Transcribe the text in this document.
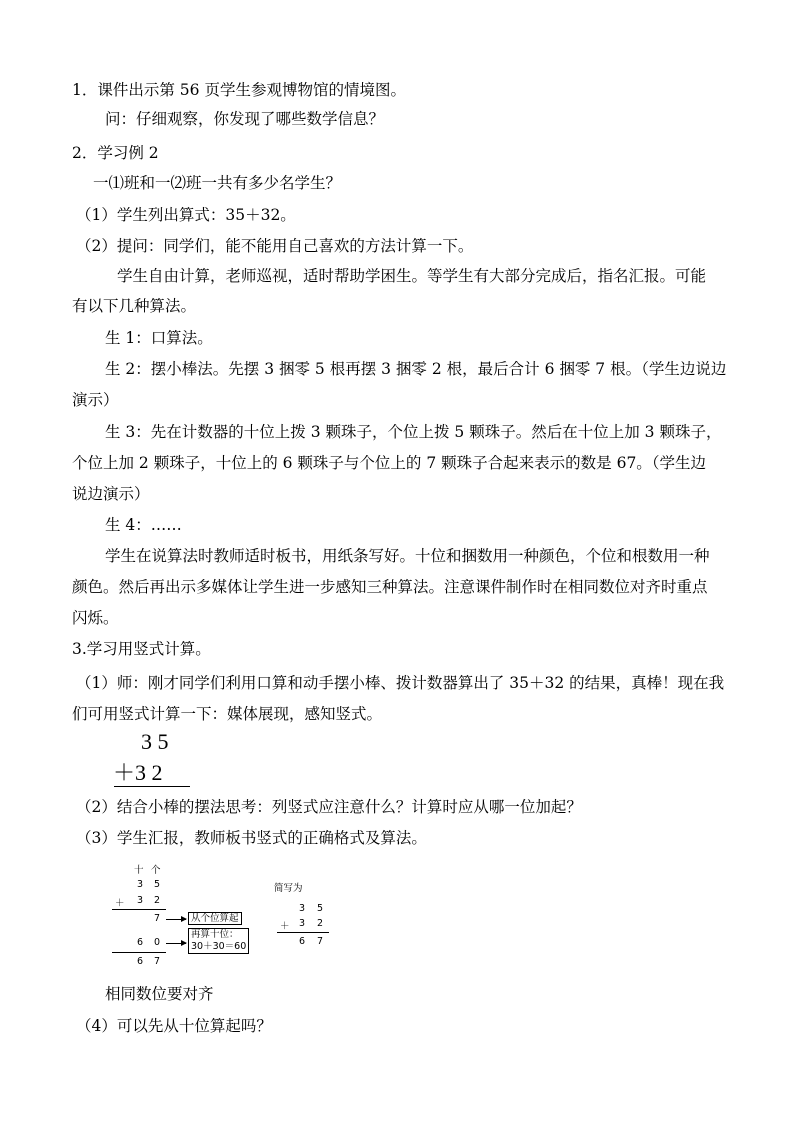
1．课件出示第 56 页学生参观博物馆的情境图。
问：仔细观察，你发现了哪些数学信息？
2．学习例 2
一⑴班和一⑵班一共有多少名学生？
（1）学生列出算式：35＋32。
（2）提问：同学们，能不能用自己喜欢的方法计算一下。
学生自由计算，老师巡视，适时帮助学困生。等学生有大部分完成后，指名汇报。可能
有以下几种算法。
生 1：口算法。
生 2：摆小棒法。先摆 3 捆零 5 根再摆 3 捆零 2 根，最后合计 6 捆零 7 根。（学生边说边
演示）
生 3：先在计数器的十位上拨 3 颗珠子，个位上拨 5 颗珠子。然后在十位上加 3 颗珠子，
个位上加 2 颗珠子，十位上的 6 颗珠子与个位上的 7 颗珠子合起来表示的数是 67。（学生边
说边演示）
生 4：……
学生在说算法时教师适时板书，用纸条写好。十位和捆数用一种颜色，个位和根数用一种
颜色。然后再出示多媒体让学生进一步感知三种算法。注意课件制作时在相同数位对齐时重点
闪烁。
3.学习用竖式计算。
（1）师：刚才同学们利用口算和动手摆小棒、拨计数器算出了 35＋32 的结果，真棒！现在我
们可用竖式计算一下：媒体展现，感知竖式。
3 5
＋3 2
（2）结合小棒的摆法思考：列竖式应注意什么？计算时应从哪一位加起？
（3）学生汇报，教师板书竖式的正确格式及算法。
十 个
3 5
＋ 3 2
7	从个位算起
6 0
再算十位：
30＋30＝60
6 7
简写为
3 5
＋ 3 2
6 7
相同数位要对齐
（4）可以先从十位算起吗？
